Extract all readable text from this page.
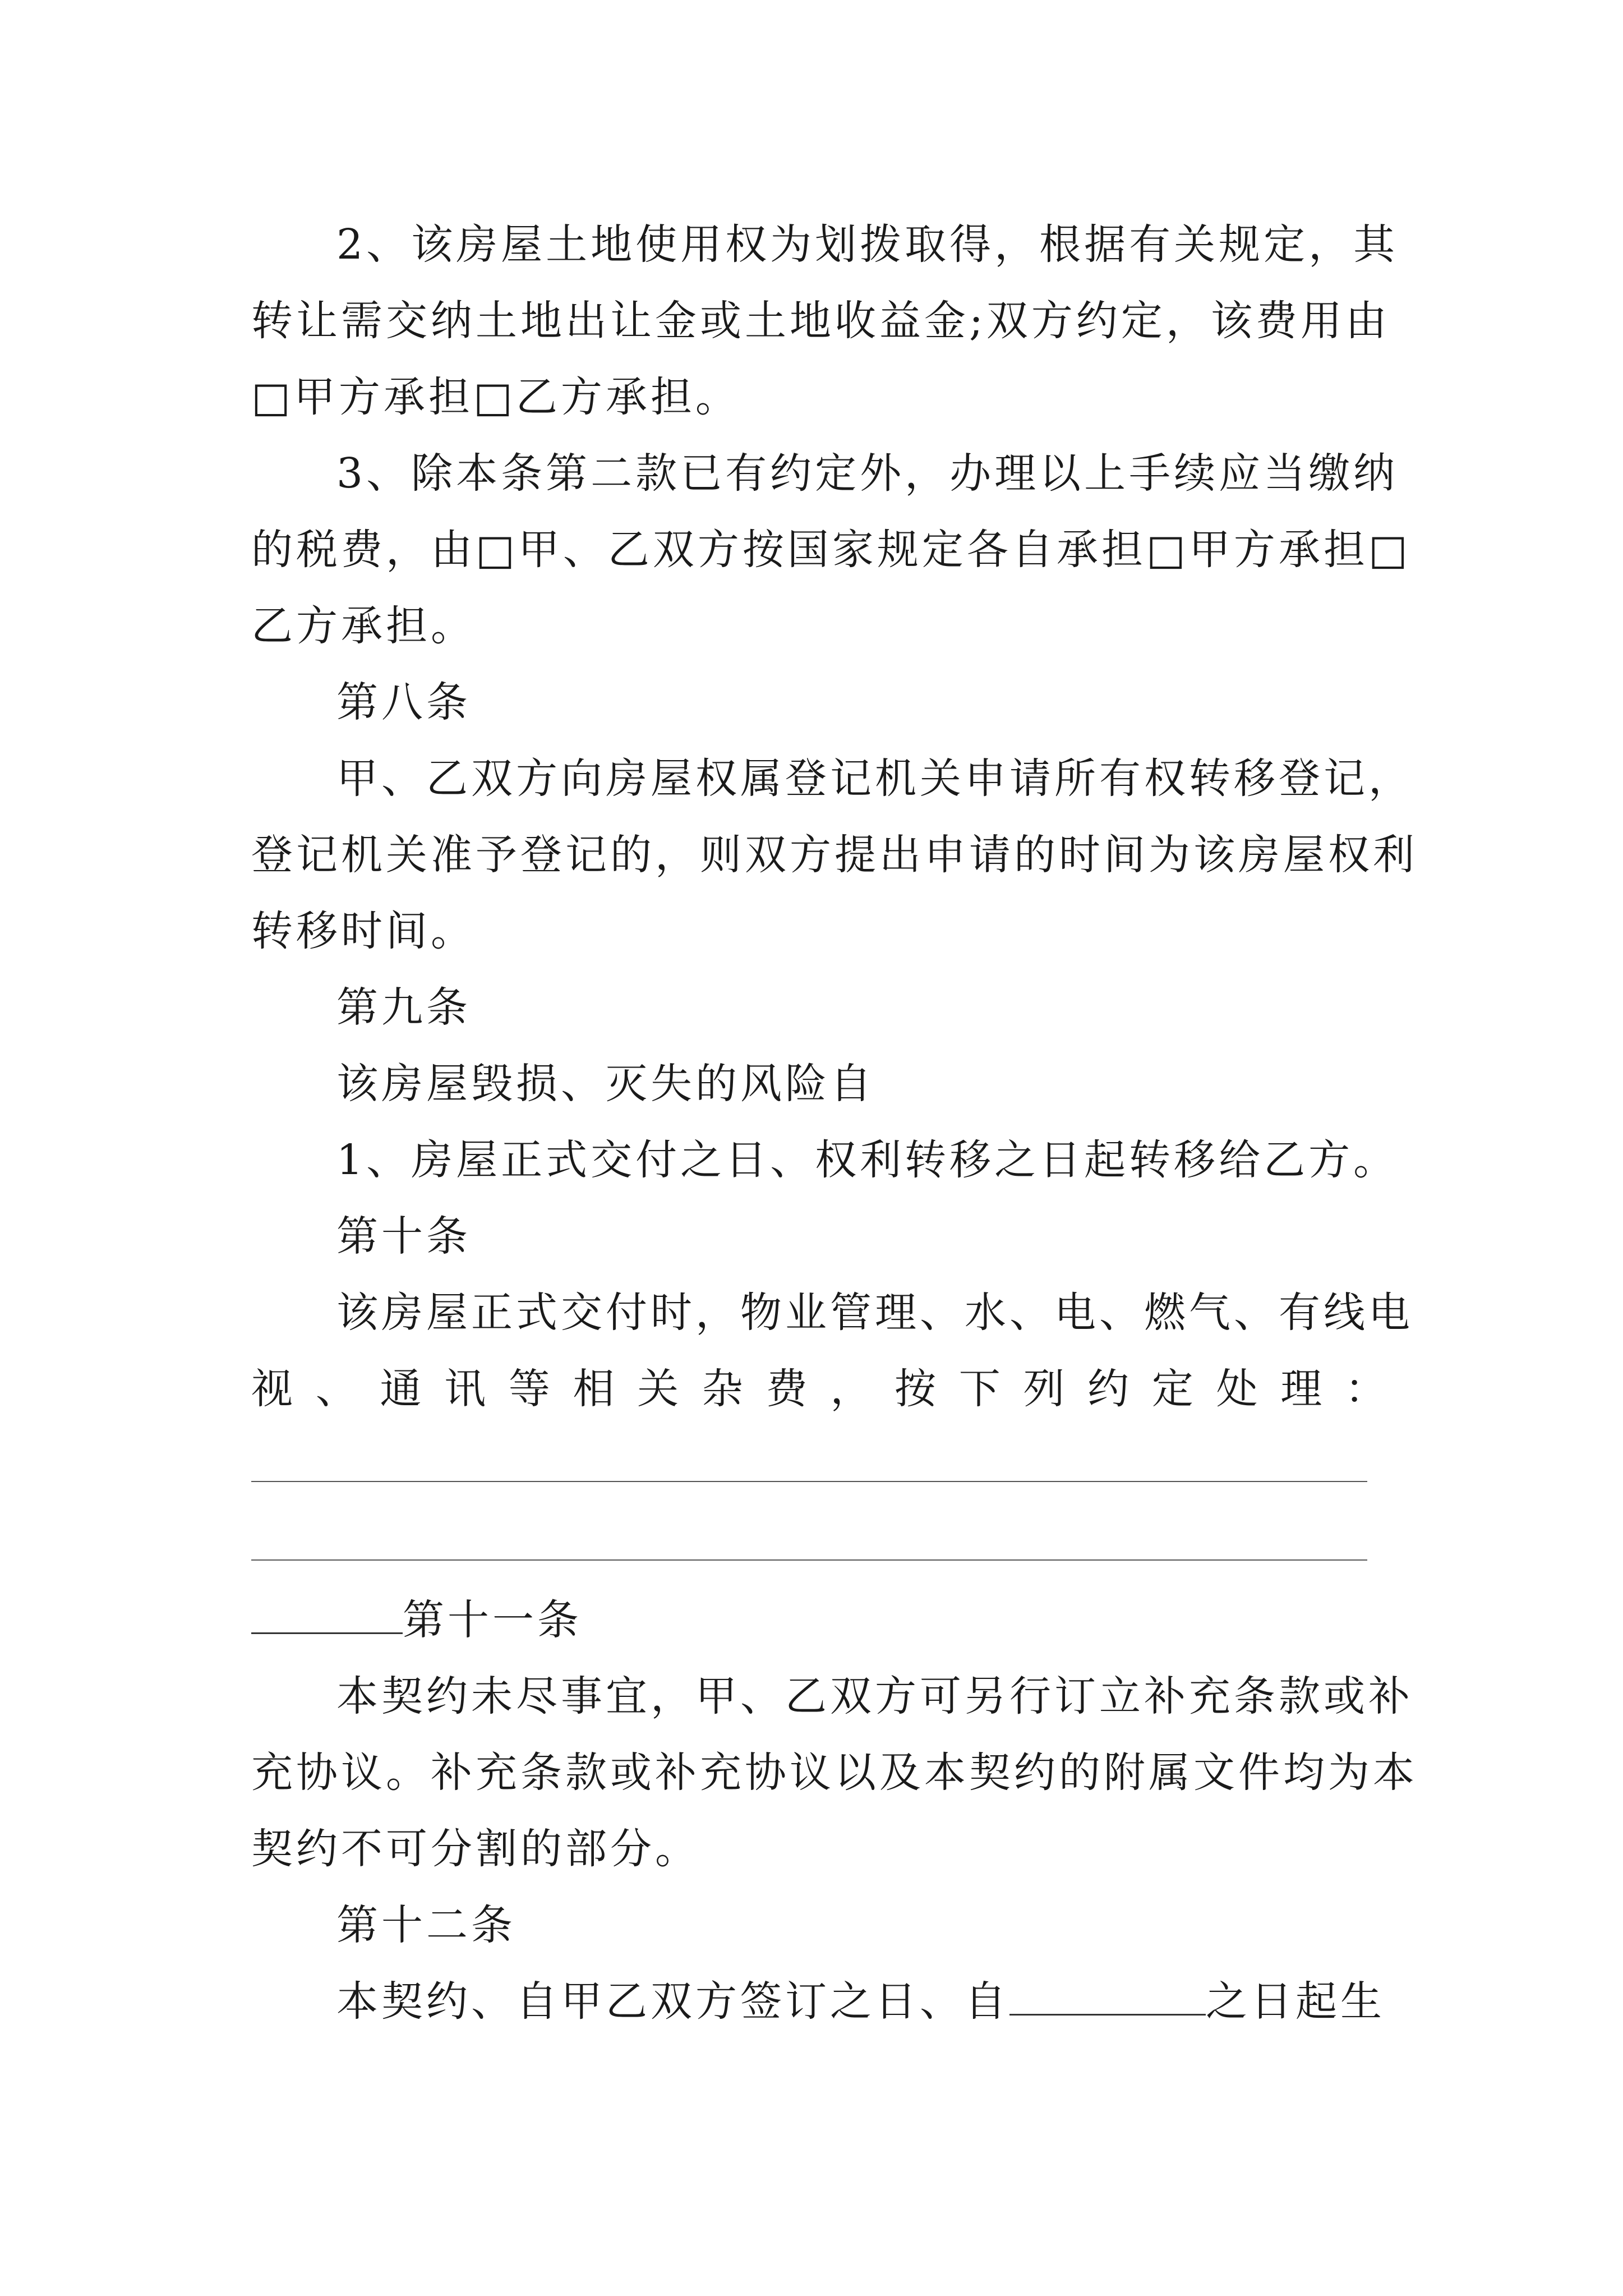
2、该房屋土地使用权为划拨取得，根据有关规定，其
转让需交纳土地出让金或土地收益金;双方约定，该费用由
□甲方承担□乙方承担。
3、除本条第二款已有约定外，办理以上手续应当缴纳
的税费，由□甲、乙双方按国家规定各自承担□甲方承担□
乙方承担。
第八条
甲、乙双方向房屋权属登记机关申请所有权转移登记，
登记机关准予登记的，则双方提出申请的时间为该房屋权利
转移时间。
第九条
该房屋毁损、灭失的风险自
1、房屋正式交付之日、权利转移之日起转移给乙方。
第十条
该房屋正式交付时，物业管理、水、电、燃气、有线电
视、通讯等相关杂费，按下列约定处理：
第十一条
本契约未尽事宜，甲、乙双方可另行订立补充条款或补
充协议。补充条款或补充协议以及本契约的附属文件均为本
契约不可分割的部分。
第十二条
本契约、自甲乙双方签订之日、自	之日起生
